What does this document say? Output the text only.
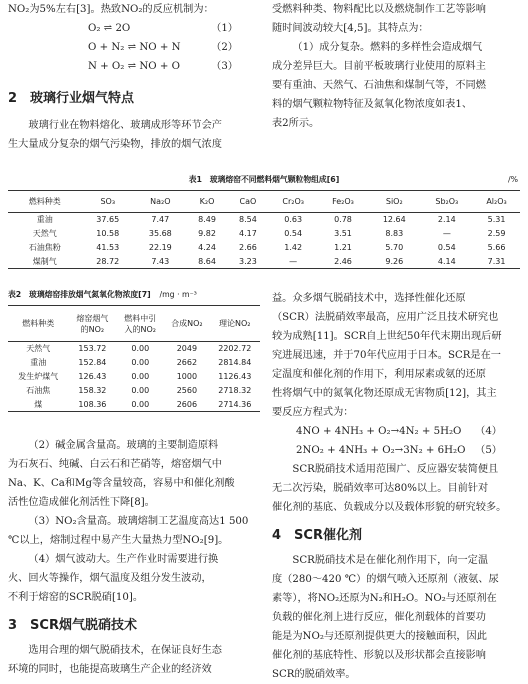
NO₂为5%左右[3]。热致NO₂的反应机制为：

O₂ ⇌ 2O	（1）
O + N₂ ⇌ NO + N	（2）
N + O₂ ⇌ NO + O	（3）
2　玻璃行业烟气特点

玻璃行业在物料熔化、玻璃成形等环节会产

生大量成分复杂的烟气污染物，排放的烟气浓度

受燃料种类、物料配比以及燃烧制作工艺等影响

随时间波动较大[4,5]。其特点为：

（1）成分复杂。燃料的多样性会造成烟气

成分差异巨大。目前平板玻璃行业使用的原料主

要有重油、天然气、石油焦和煤制气等，不同燃

料的烟气颗粒物特征及氮氧化物浓度如表1、

表2所示。

表1　玻璃熔窑不同燃料烟气颗粒物组成[6]	/%
燃料种类	SO₃	Na₂O	K₂O	CaO	Cr₂O₃	Fe₂O₃	SiO₂	Sb₂O₃	Al₂O₃
重油	37.65	7.47	8.49	8.54	0.63	0.78	12.64	2.14	5.31
天然气	10.58	35.68	9.82	4.17	0.54	3.51	8.83	—	2.59
石油焦粉	41.53	22.19	4.24	2.66	1.42	1.21	5.70	0.54	5.66
煤制气	28.72	7.43	8.64	3.23	—	2.46	9.26	4.14	7.31
表2　玻璃熔窑排放烟气氮氧化物浓度[7] /mg · m⁻³
燃料种类	熔窑烟气的NO₂	燃料中引入的NO₂	合成NO₂	理论NO₂
天然气	153.72	0.00	2049	2202.72
重油	152.84	0.00	2662	2814.84
发生炉煤气	126.43	0.00	1000	1126.43
石油焦	158.32	0.00	2560	2718.32
煤	108.36	0.00	2606	2714.36

（2）碱金属含量高。玻璃的主要制造原料

为石灰石、纯碱、白云石和芒硝等，熔窑烟气中

Na、K、Ca和Mg等含量较高，容易中和催化剂酸

活性位造成催化剂活性下降[8]。

（3）NO₂含量高。玻璃熔制工艺温度高达1 500

℃以上，熔制过程中易产生大量热力型NO₂[9]。

（4）烟气波动大。生产作业时需要进行换

火、回火等操作，烟气温度及组分发生波动，

不利于熔窑的SCR脱硝[10]。

3　SCR烟气脱硝技术

选用合理的烟气脱硝技术，在保证良好生态

环境的同时，也能提高玻璃生产企业的经济效

益。众多烟气脱硝技术中，选择性催化还原

（SCR）法脱硝效率最高，应用广泛且技术研究也

较为成熟[11]。SCR自上世纪50年代末期出现后研

究进展迅速，并于70年代应用于日本。SCR是在一

定温度和催化剂的作用下，利用尿素或氨的还原

性将烟气中的氮氧化物还原成无害物质[12]，其主

要反应方程式为：

4NO + 4NH₃ + O₂→4N₂ + 5H₂O （4）
2NO₂ + 4NH₃ + O₂→3N₂ + 6H₂O （5）

SCR脱硝技术适用范围广、反应器安装简便且

无二次污染，脱硝效率可达80%以上。目前针对

催化剂的基底、负载成分以及载体形貌的研究较多。

4　SCR催化剂

SCR脱硝技术是在催化剂作用下，向一定温

度（280～420 ℃）的烟气喷入还原剂（液氨、尿

素等），将NO₂还原为N₂和H₂O。NO₂与还原剂在

负载的催化剂上进行反应，催化剂载体的首要功

能是为NO₂与还原剂提供更大的接触面积，因此

催化剂的基底特性、形貌以及形状都会直接影响

SCR的脱硝效率。
